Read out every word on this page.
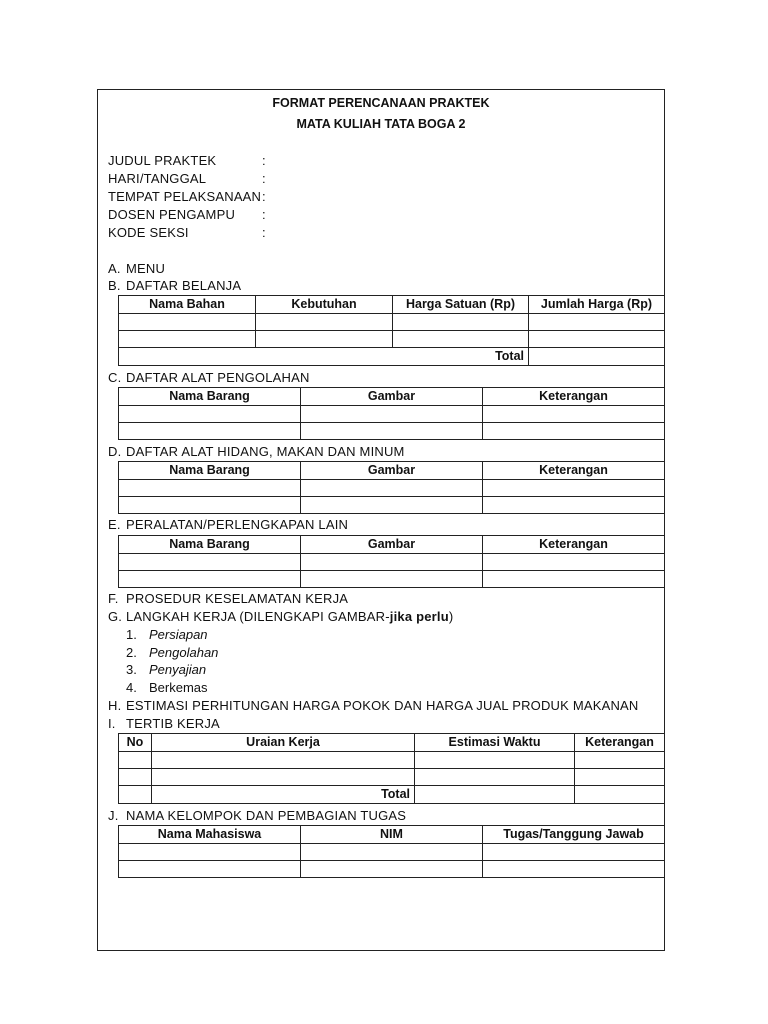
FORMAT PERENCANAAN PRAKTEK
MATA KULIAH TATA BOGA 2
JUDUL PRAKTEK	:
HARI/TANGGAL	:
TEMPAT PELAKSANAAN :
DOSEN PENGAMPU :
KODE SEKSI	:
A. MENU
B. DAFTAR BELANJA
Nama Bahan	Kebutuhan	Harga Satuan (Rp)	Jumlah Harga (Rp)

Total			
C. DAFTAR ALAT PENGOLAHAN
Nama Barang	Gambar	Keterangan

D. DAFTAR ALAT HIDANG, MAKAN DAN MINUM
Nama Barang	Gambar	Keterangan

E. PERALATAN/PERLENGKAPAN LAIN
Nama Barang	Gambar	Keterangan

F. PROSEDUR KESELAMATAN KERJA
G. LANGKAH KERJA (DILENGKAPI GAMBAR-jika perlu)
1. Persiapan
2. Pengolahan
3. Penyajian
4. Berkemas
H. ESTIMASI PERHITUNGAN HARGA POKOK DAN HARGA JUAL PRODUK MAKANAN
I. TERTIB KERJA
No	Uraian Kerja	Estimasi Waktu	Keterangan

	Total		
J. NAMA KELOMPOK DAN PEMBAGIAN TUGAS
Nama Mahasiswa	NIM	Tugas/Tanggung Jawab
